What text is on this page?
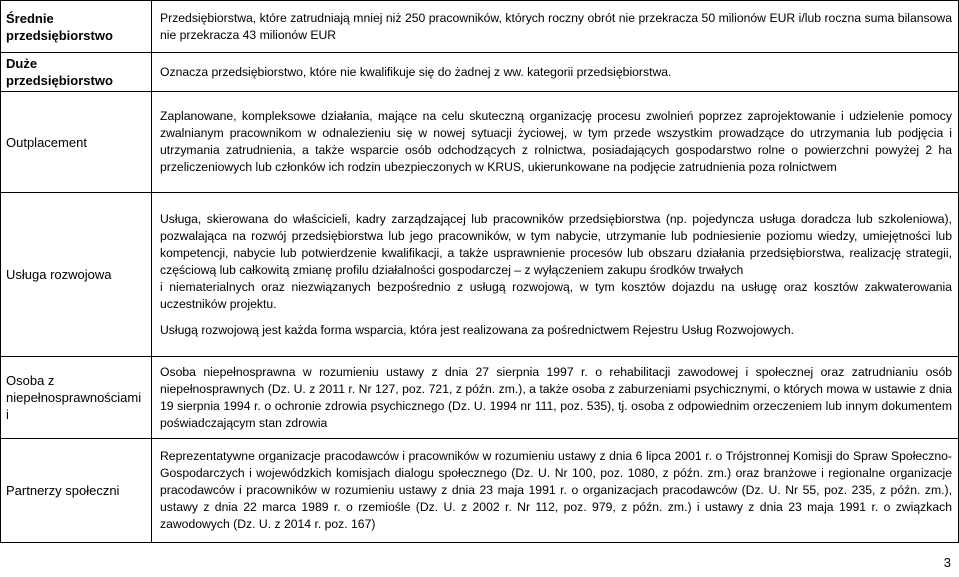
Średnie przedsiębiorstwo	Przedsiębiorstwa, które zatrudniają mniej niż 250 pracowników, których roczny obrót nie przekracza 50 milionów EUR i/lub roczna suma bilansowa nie przekracza 43 milionów EUR

Duże przedsiębiorstwo	Oznacza przedsiębiorstwo, które nie kwalifikuje się do żadnej z ww. kategorii przedsiębiorstwa.

Outplacement	Zaplanowane, kompleksowe działania, mające na celu skuteczną organizację procesu zwolnień poprzez zaprojektowanie i udzielenie pomocy zwalnianym pracownikom w odnalezieniu się w nowej sytuacji życiowej, w tym przede wszystkim prowadzące do utrzymania lub podjęcia i utrzymania zatrudnienia, a także wsparcie osób odchodzących z rolnictwa, posiadających gospodarstwo rolne o powierzchni powyżej 2 ha przeliczeniowych lub członków ich rodzin ubezpieczonych w KRUS, ukierunkowane na podjęcie zatrudnienia poza rolnictwem

Usługa rozwojowa	Usługa, skierowana do właścicieli, kadry zarządzającej lub pracowników przedsiębiorstwa (np. pojedyncza usługa doradcza lub szkoleniowa), pozwalająca na rozwój przedsiębiorstwa lub jego pracowników, w tym nabycie, utrzymanie lub podniesienie poziomu wiedzy, umiejętności lub kompetencji, nabycie lub potwierdzenie kwalifikacji, a także usprawnienie procesów lub obszaru działania przedsiębiorstwa, realizację strategii, częściową lub całkowitą zmianę profilu działalności gospodarczej – z wyłączeniem zakupu środków trwałych

i niematerialnych oraz niezwiązanych bezpośrednio z usługą rozwojową, w tym kosztów dojazdu na usługę oraz kosztów zakwaterowania uczestników projektu.

Usługą rozwojową jest każda forma wsparcia, która jest realizowana za pośrednictwem Rejestru Usług Rozwojowych.

Osoba z niepełnosprawnościami i	Osoba niepełnosprawna w rozumieniu ustawy z dnia 27 sierpnia 1997 r. o rehabilitacji zawodowej i społecznej oraz zatrudnianiu osób niepełnosprawnych (Dz. U. z 2011 r. Nr 127, poz. 721, z późn. zm.), a także osoba z zaburzeniami psychicznymi, o których mowa w ustawie z dnia 19 sierpnia 1994 r. o ochronie zdrowia psychicznego (Dz. U. 1994 nr 111, poz. 535), tj. osoba z odpowiednim orzeczeniem lub innym dokumentem poświadczającym stan zdrowia

Partnerzy społeczni	Reprezentatywne organizacje pracodawców i pracowników w rozumieniu ustawy z dnia 6 lipca 2001 r. o Trójstronnej Komisji do Spraw Społeczno-Gospodarczych i wojewódzkich komisjach dialogu społecznego (Dz. U. Nr 100, poz. 1080, z późn. zm.) oraz branżowe i regionalne organizacje pracodawców i pracowników w rozumieniu ustawy z dnia 23 maja 1991 r. o organizacjach pracodawców (Dz. U. Nr 55, poz. 235, z późn. zm.), ustawy z dnia 22 marca 1989 r. o rzemiośle (Dz. U. z 2002 r. Nr 112, poz. 979, z późn. zm.) i ustawy z dnia 23 maja 1991 r. o związkach zawodowych (Dz. U. z 2014 r. poz. 167)

3
